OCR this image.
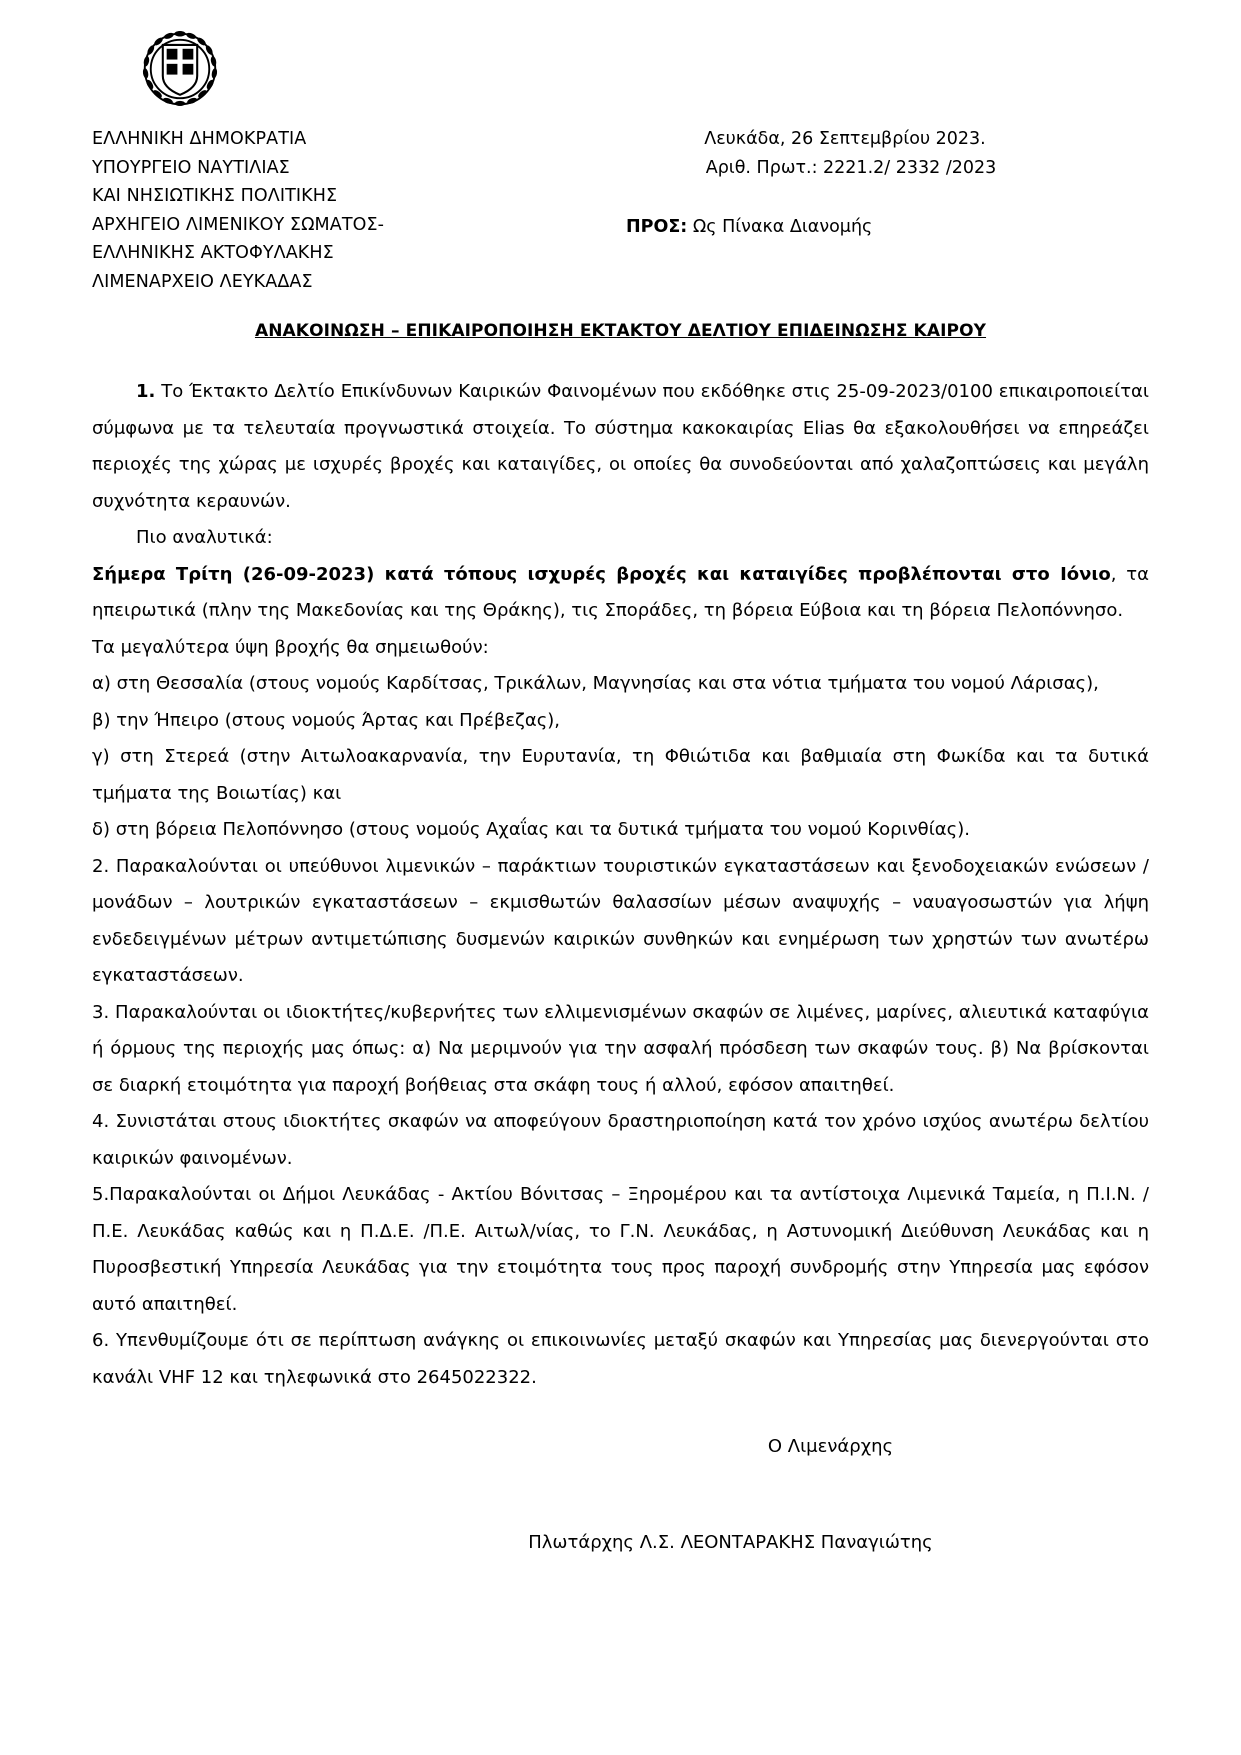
ΕΛΛΗΝΙΚΗ ΔΗΜΟΚΡΑΤΙΑ
ΥΠΟΥΡΓΕΙΟ ΝΑΥΤΙΛΙΑΣ
ΚΑΙ ΝΗΣΙΩΤΙΚΗΣ ΠΟΛΙΤΙΚΗΣ
ΑΡΧΗΓΕΙΟ ΛΙΜΕΝΙΚΟΥ ΣΩΜΑΤΟΣ-
ΕΛΛΗΝΙΚΗΣ ΑΚΤΟΦΥΛΑΚΗΣ
ΛΙΜΕΝΑΡΧΕΙΟ ΛΕΥΚΑΔΑΣ
Λευκάδα, 26 Σεπτεμβρίου 2023.
Αριθ. Πρωτ.: 2221.2/ 2332 /2023
ΠΡΟΣ: Ως Πίνακα Διανομής
ΑΝΑΚΟΙΝΩΣΗ – ΕΠΙΚΑΙΡΟΠΟΙΗΣΗ ΕΚΤΑΚΤΟΥ ΔΕΛΤΙΟΥ ΕΠΙΔΕΙΝΩΣΗΣ ΚΑΙΡΟΥ

1. Το Έκτακτο Δελτίο Επικίνδυνων Καιρικών Φαινομένων που εκδόθηκε στις 25-09-2023/0100 επικαιροποιείται σύμφωνα με τα τελευταία προγνωστικά στοιχεία. Το σύστημα κακοκαιρίας Elias θα εξακολουθήσει να επηρεάζει περιοχές της χώρας με ισχυρές βροχές και καταιγίδες, οι οποίες θα συνοδεύονται από χαλαζοπτώσεις και μεγάλη συχνότητα κεραυνών.

Πιο αναλυτικά:

Σήμερα Τρίτη (26-09-2023) κατά τόπους ισχυρές βροχές και καταιγίδες προβλέπονται στο Ιόνιο, τα ηπειρωτικά (πλην της Μακεδονίας και της Θράκης), τις Σποράδες, τη βόρεια Εύβοια και τη βόρεια Πελοπόννησο.

Τα μεγαλύτερα ύψη βροχής θα σημειωθούν:

α) στη Θεσσαλία (στους νομούς Καρδίτσας, Τρικάλων, Μαγνησίας και στα νότια τμήματα του νομού Λάρισας),

β) την Ήπειρο (στους νομούς Άρτας και Πρέβεζας),

γ) στη Στερεά (στην Αιτωλοακαρνανία, την Ευρυτανία, τη Φθιώτιδα και βαθμιαία στη Φωκίδα και τα δυτικά τμήματα της Βοιωτίας) και

δ) στη βόρεια Πελοπόννησο (στους νομούς Αχαΐας και τα δυτικά τμήματα του νομού Κορινθίας).

2. Παρακαλούνται οι υπεύθυνοι λιμενικών – παράκτιων τουριστικών εγκαταστάσεων και ξενοδοχειακών ενώσεων /μονάδων – λουτρικών εγκαταστάσεων – εκμισθωτών θαλασσίων μέσων αναψυχής – ναυαγοσωστών για λήψη ενδεδειγμένων μέτρων αντιμετώπισης δυσμενών καιρικών συνθηκών και ενημέρωση των χρηστών των ανωτέρω εγκαταστάσεων.

3. Παρακαλούνται οι ιδιοκτήτες/κυβερνήτες των ελλιμενισμένων σκαφών σε λιμένες, μαρίνες, αλιευτικά καταφύγια ή όρμους της περιοχής μας όπως: α) Να μεριμνούν για την ασφαλή πρόσδεση των σκαφών τους. β) Να βρίσκονται σε διαρκή ετοιμότητα για παροχή βοήθειας στα σκάφη τους ή αλλού, εφόσον απαιτηθεί.

4. Συνιστάται στους ιδιοκτήτες σκαφών να αποφεύγουν δραστηριοποίηση κατά τον χρόνο ισχύος ανωτέρω δελτίου καιρικών φαινομένων.

5.Παρακαλούνται οι Δήμοι Λευκάδας - Ακτίου Βόνιτσας – Ξηρομέρου και τα αντίστοιχα Λιμενικά Ταμεία, η Π.Ι.Ν. / Π.Ε. Λευκάδας καθώς και η Π.Δ.Ε. /Π.Ε. Αιτωλ/νίας, το Γ.Ν. Λευκάδας, η Αστυνομική Διεύθυνση Λευκάδας και η Πυροσβεστική Υπηρεσία Λευκάδας για την ετοιμότητα τους προς παροχή συνδρομής στην Υπηρεσία μας εφόσον αυτό απαιτηθεί.

6. Υπενθυμίζουμε ότι σε περίπτωση ανάγκης οι επικοινωνίες μεταξύ σκαφών και Υπηρεσίας μας διενεργούνται στο κανάλι VHF 12 και τηλεφωνικά στο 2645022322.

Ο Λιμενάρχης

Πλωτάρχης Λ.Σ. ΛΕΟΝΤΑΡΑΚΗΣ Παναγιώτης
